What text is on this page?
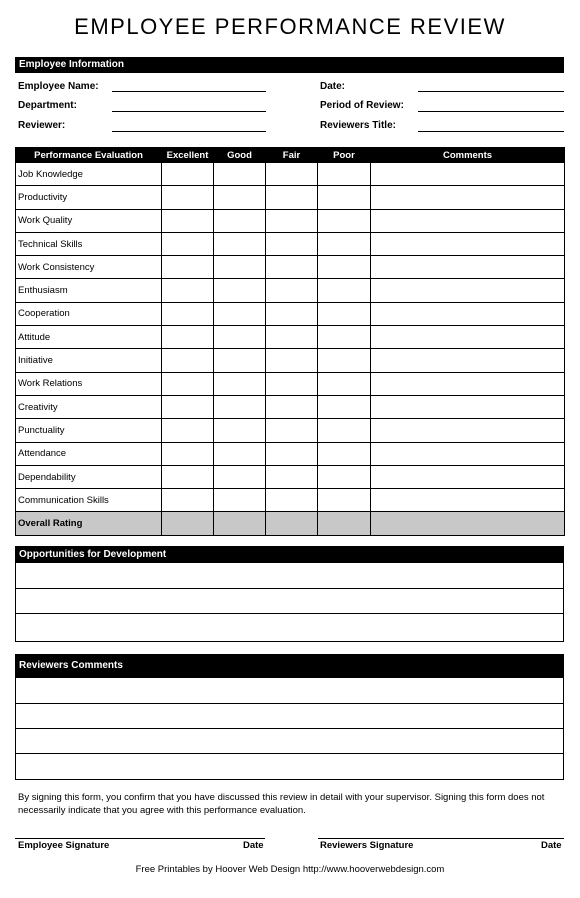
EMPLOYEE PERFORMANCE REVIEW
Employee Information
Employee Name:
Department:
Reviewer:
Date:
Period of Review:
Reviewers Title:
Performance Evaluation	Excellent	Good	Fair	Poor	Comments
Job Knowledge					
Productivity					
Work Quality					
Technical Skills					
Work Consistency					
Enthusiasm					
Cooperation					
Attitude					
Initiative					
Work Relations					
Creativity					
Punctuality					
Attendance					
Dependability					
Communication Skills					
Overall Rating					
Opportunities for Development
Reviewers Comments
By signing this form, you confirm that you have discussed this review in detail with your supervisor. Signing this form does not necessarily indicate that you agree with this performance evaluation.
Employee Signature	Date	Reviewers Signature	Date
Free Printables by Hoover Web Design http://www.hooverwebdesign.com
